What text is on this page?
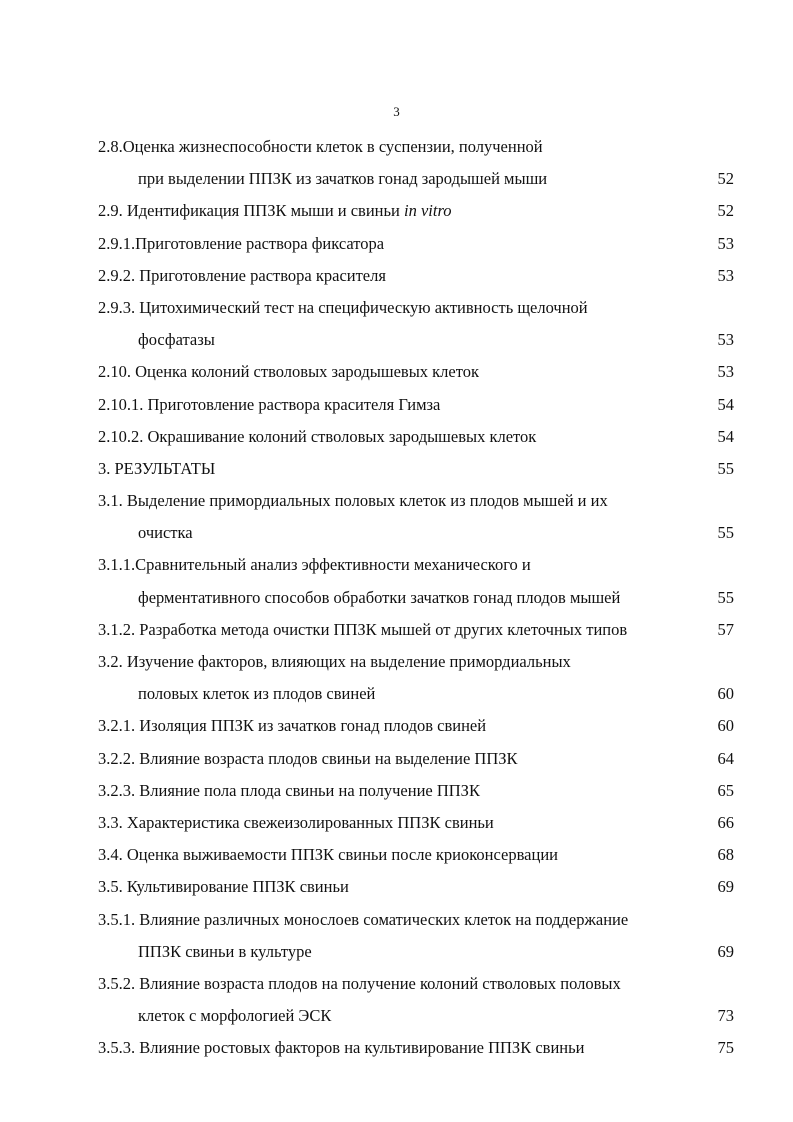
3
2.8.Оценка жизнеспособности клеток в суспензии, полученной
при выделении ППЗК из зачатков гонад зародышей мыши	52
2.9. Идентификация ППЗК мыши и свиньи in vitro	52
2.9.1.Приготовление раствора фиксатора	53
2.9.2. Приготовление раствора красителя	53
2.9.3. Цитохимический тест на специфическую активность щелочной
фосфатазы	53
2.10. Оценка колоний стволовых зародышевых клеток	53
2.10.1. Приготовление раствора красителя Гимза	54
2.10.2. Окрашивание колоний стволовых зародышевых клеток	54
3. РЕЗУЛЬТАТЫ	55
3.1. Выделение примордиальных половых клеток из плодов мышей и их
очистка	55
3.1.1.Сравнительный анализ эффективности механического и
ферментативного способов обработки зачатков гонад плодов мышей	55
3.1.2. Разработка метода очистки ППЗК мышей от других клеточных типов	57
3.2. Изучение факторов, влияющих на выделение примордиальных
половых клеток из плодов свиней	60
3.2.1. Изоляция ППЗК из зачатков гонад плодов свиней	60
3.2.2. Влияние возраста плодов свиньи на выделение ППЗК	64
3.2.3. Влияние пола плода свиньи на получение ППЗК	65
3.3. Характеристика свежеизолированных ППЗК свиньи	66
3.4. Оценка выживаемости ППЗК свиньи после криоконсервации	68
3.5. Культивирование ППЗК свиньи	69
3.5.1. Влияние различных монослоев соматических клеток на поддержание
ППЗК свиньи в культуре	69
3.5.2. Влияние возраста плодов на получение колоний стволовых половых
клеток с морфологией ЭСК	73
3.5.3. Влияние ростовых факторов на культивирование ППЗК свиньи	75
